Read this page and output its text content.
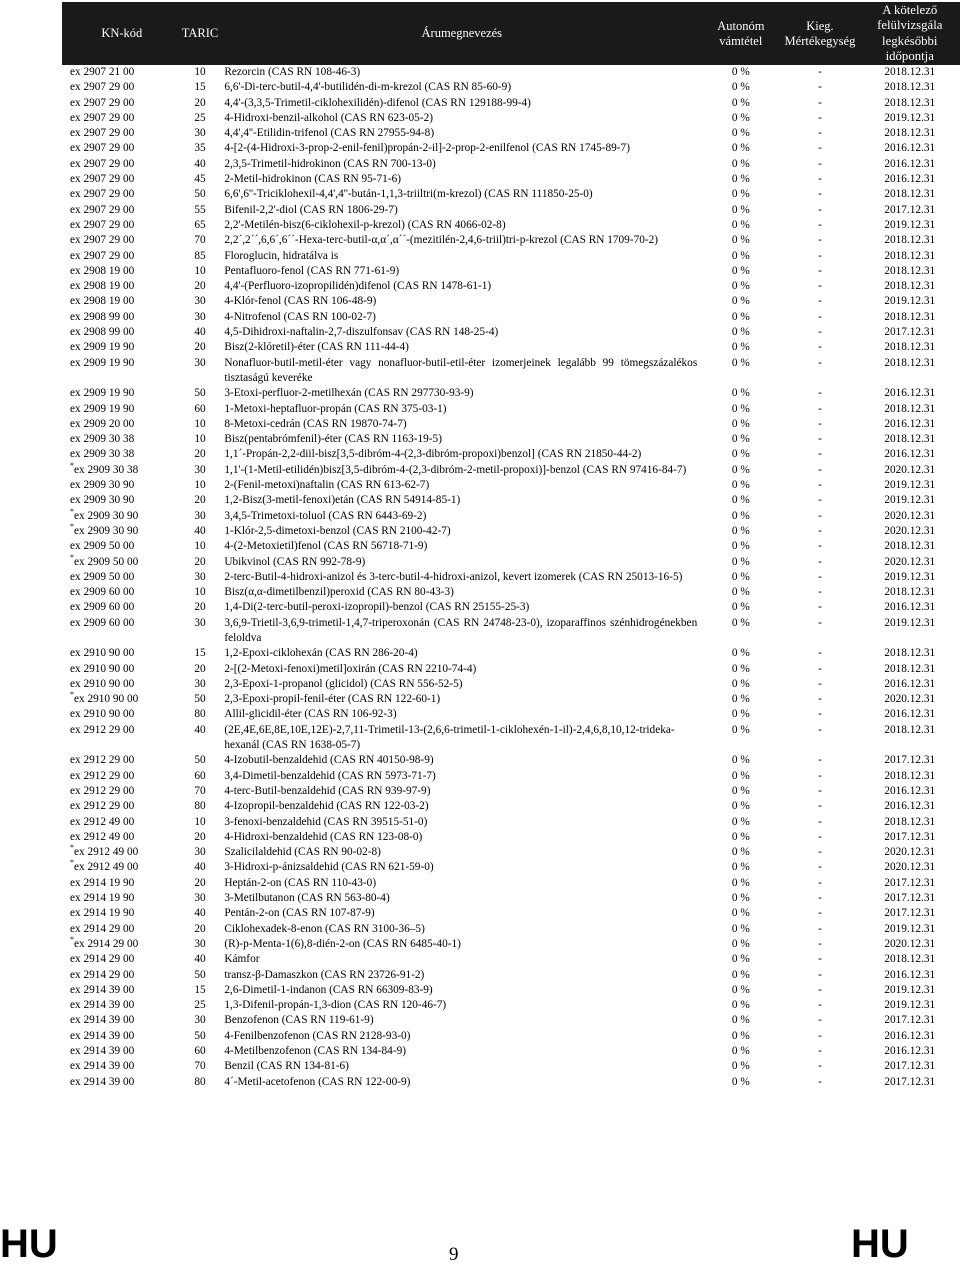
KN-kód	TARIC	Árumegnevezés	Autonóm vámtétel	Kieg. Mértékegység	A kötelező
felülvizsgála
legkésőbbi
időpontja
ex 2907 21 00	10	Rezorcin (CAS RN 108-46-3)	0 %	-	2018.12.31
ex 2907 29 00	15	6,6'-Di-terc-butil-4,4'-butilidén-di-m-krezol (CAS RN 85-60-9)	0 %	-	2018.12.31
ex 2907 29 00	20	4,4'-(3,3,5-Trimetil-ciklohexilidén)-difenol (CAS RN 129188-99-4)	0 %	-	2018.12.31
ex 2907 29 00	25	4-Hidroxi-benzil-alkohol (CAS RN 623-05-2)	0 %	-	2019.12.31
ex 2907 29 00	30	4,4',4''-Etilidin-trifenol (CAS RN 27955-94-8)	0 %	-	2018.12.31
ex 2907 29 00	35	4-[2-(4-Hidroxi-3-prop-2-enil-fenil)propán-2-il]-2-prop-2-enilfenol (CAS RN 1745-89-7)	0 %	-	2016.12.31
ex 2907 29 00	40	2,3,5-Trimetil-hidrokinon (CAS RN 700-13-0)	0 %	-	2016.12.31
ex 2907 29 00	45	2-Metil-hidrokinon (CAS RN 95-71-6)	0 %	-	2016.12.31
ex 2907 29 00	50	6,6',6''-Triciklohexil-4,4',4''-bután-1,1,3-triiltri(m-krezol) (CAS RN 111850-25-0)	0 %	-	2018.12.31
ex 2907 29 00	55	Bifenil-2,2'-diol (CAS RN 1806-29-7)	0 %	-	2017.12.31
ex 2907 29 00	65	2,2'-Metilén-bisz(6-ciklohexil-p-krezol) (CAS RN 4066-02-8)	0 %	-	2019.12.31
ex 2907 29 00	70	2,2´,2´´,6,6´,6´´-Hexa-terc-butil-α,α´,α´´-(mezitilén-2,4,6-triil)tri-p-krezol (CAS RN 1709-70-2)	0 %	-	2018.12.31
ex 2907 29 00	85	Floroglucin, hidratálva is	0 %	-	2018.12.31
ex 2908 19 00	10	Pentafluoro-fenol (CAS RN 771-61-9)	0 %	-	2018.12.31
ex 2908 19 00	20	4,4'-(Perfluoro-izopropilidén)difenol (CAS RN 1478-61-1)	0 %	-	2018.12.31
ex 2908 19 00	30	4-Klór-fenol (CAS RN 106-48-9)	0 %	-	2019.12.31
ex 2908 99 00	30	4-Nitrofenol (CAS RN 100-02-7)	0 %	-	2018.12.31
ex 2908 99 00	40	4,5-Dihidroxi-naftalin-2,7-diszulfonsav (CAS RN 148-25-4)	0 %	-	2017.12.31
ex 2909 19 90	20	Bisz(2-klóretil)-éter (CAS RN 111-44-4)	0 %	-	2018.12.31
ex 2909 19 90	30	Nonafluor-butil-metil-éter vagy nonafluor-butil-etil-éter izomerjeinek legalább 99 tömegszázalékos tisztaságú keveréke	0 %	-	2018.12.31
ex 2909 19 90	50	3-Etoxi-perfluor-2-metilhexán (CAS RN 297730-93-9)	0 %	-	2016.12.31
ex 2909 19 90	60	1-Metoxi-heptafluor-propán (CAS RN 375-03-1)	0 %	-	2018.12.31
ex 2909 20 00	10	8-Metoxi-cedrán (CAS RN 19870-74-7)	0 %	-	2016.12.31
ex 2909 30 38	10	Bisz(pentabrómfenil)-éter (CAS RN 1163-19-5)	0 %	-	2018.12.31
ex 2909 30 38	20	1,1´-Propán-2,2-diil-bisz[3,5-dibróm-4-(2,3-dibróm-propoxi)benzol] (CAS RN 21850-44-2)	0 %	-	2016.12.31
*ex 2909 30 38	30	1,1'-(1-Metil-etilidén)bisz[3,5-dibróm-4-(2,3-dibróm-2-metil-propoxi)]-benzol (CAS RN 97416-84-7)	0 %	-	2020.12.31
ex 2909 30 90	10	2-(Fenil-metoxi)naftalin (CAS RN 613-62-7)	0 %	-	2019.12.31
ex 2909 30 90	20	1,2-Bisz(3-metil-fenoxi)etán (CAS RN 54914-85-1)	0 %	-	2019.12.31
*ex 2909 30 90	30	3,4,5-Trimetoxi-toluol (CAS RN 6443-69-2)	0 %	-	2020.12.31
*ex 2909 30 90	40	1-Klór-2,5-dimetoxi-benzol (CAS RN 2100-42-7)	0 %	-	2020.12.31
ex 2909 50 00	10	4-(2-Metoxietil)fenol (CAS RN 56718-71-9)	0 %	-	2018.12.31
*ex 2909 50 00	20	Ubikvinol (CAS RN 992-78-9)	0 %	-	2020.12.31
ex 2909 50 00	30	2-terc-Butil-4-hidroxi-anizol és 3-terc-butil-4-hidroxi-anizol, kevert izomerek (CAS RN 25013-16-5)	0 %	-	2019.12.31
ex 2909 60 00	10	Bisz(α,α-dimetilbenzil)peroxid (CAS RN 80-43-3)	0 %	-	2018.12.31
ex 2909 60 00	20	1,4-Di(2-terc-butil-peroxi-izopropil)-benzol (CAS RN 25155-25-3)	0 %	-	2016.12.31
ex 2909 60 00	30	3,6,9-Trietil-3,6,9-trimetil-1,4,7-triperoxonán (CAS RN 24748-23-0), izoparaffinos szénhidrogénekben feloldva	0 %	-	2019.12.31
ex 2910 90 00	15	1,2-Epoxi-ciklohexán (CAS RN 286-20-4)	0 %	-	2018.12.31
ex 2910 90 00	20	2-[(2-Metoxi-fenoxi)metil]oxirán (CAS RN 2210-74-4)	0 %	-	2018.12.31
ex 2910 90 00	30	2,3-Epoxi-1-propanol (glicidol) (CAS RN 556-52-5)	0 %	-	2016.12.31
*ex 2910 90 00	50	2,3-Epoxi-propil-fenil-éter (CAS RN 122-60-1)	0 %	-	2020.12.31
ex 2910 90 00	80	Allil-glicidil-éter (CAS RN 106-92-3)	0 %	-	2016.12.31
ex 2912 29 00	40	(2E,4E,6E,8E,10E,12E)-2,7,11-Trimetil-13-(2,6,6-trimetil-1-ciklohexén-1-il)-2,4,6,8,10,12-trideka-hexanál (CAS RN 1638-05-7)	0 %	-	2018.12.31
ex 2912 29 00	50	4-Izobutil-benzaldehid (CAS RN 40150-98-9)	0 %	-	2017.12.31
ex 2912 29 00	60	3,4-Dimetil-benzaldehid (CAS RN 5973-71-7)	0 %	-	2018.12.31
ex 2912 29 00	70	4-terc-Butil-benzaldehid (CAS RN 939-97-9)	0 %	-	2016.12.31
ex 2912 29 00	80	4-Izopropil-benzaldehid (CAS RN 122-03-2)	0 %	-	2016.12.31
ex 2912 49 00	10	3-fenoxi-benzaldehid (CAS RN 39515-51-0)	0 %	-	2018.12.31
ex 2912 49 00	20	4-Hidroxi-benzaldehid (CAS RN 123-08-0)	0 %	-	2017.12.31
*ex 2912 49 00	30	Szalicilaldehid (CAS RN 90-02-8)	0 %	-	2020.12.31
*ex 2912 49 00	40	3-Hidroxi-p-ánizsaldehid (CAS RN 621-59-0)	0 %	-	2020.12.31
ex 2914 19 90	20	Heptán-2-on (CAS RN 110-43-0)	0 %	-	2017.12.31
ex 2914 19 90	30	3-Metilbutanon (CAS RN 563-80-4)	0 %	-	2017.12.31
ex 2914 19 90	40	Pentán-2-on (CAS RN 107-87-9)	0 %	-	2017.12.31
ex 2914 29 00	20	Ciklohexadek-8-enon (CAS RN 3100-36–5)	0 %	-	2019.12.31
*ex 2914 29 00	30	(R)-p-Menta-1(6),8-dién-2-on (CAS RN 6485-40-1)	0 %	-	2020.12.31
ex 2914 29 00	40	Kámfor	0 %	-	2018.12.31
ex 2914 29 00	50	transz-β-Damaszkon (CAS RN 23726-91-2)	0 %	-	2016.12.31
ex 2914 39 00	15	2,6-Dimetil-1-indanon (CAS RN 66309-83-9)	0 %	-	2019.12.31
ex 2914 39 00	25	1,3-Difenil-propán-1,3-dion (CAS RN 120-46-7)	0 %	-	2019.12.31
ex 2914 39 00	30	Benzofenon (CAS RN 119-61-9)	0 %	-	2017.12.31
ex 2914 39 00	50	4-Fenilbenzofenon (CAS RN 2128-93-0)	0 %	-	2016.12.31
ex 2914 39 00	60	4-Metilbenzofenon (CAS RN 134-84-9)	0 %	-	2016.12.31
ex 2914 39 00	70	Benzil (CAS RN 134-81-6)	0 %	-	2017.12.31
ex 2914 39 00	80	4´-Metil-acetofenon (CAS RN 122-00-9)	0 %	-	2017.12.31
HU	9	HU
